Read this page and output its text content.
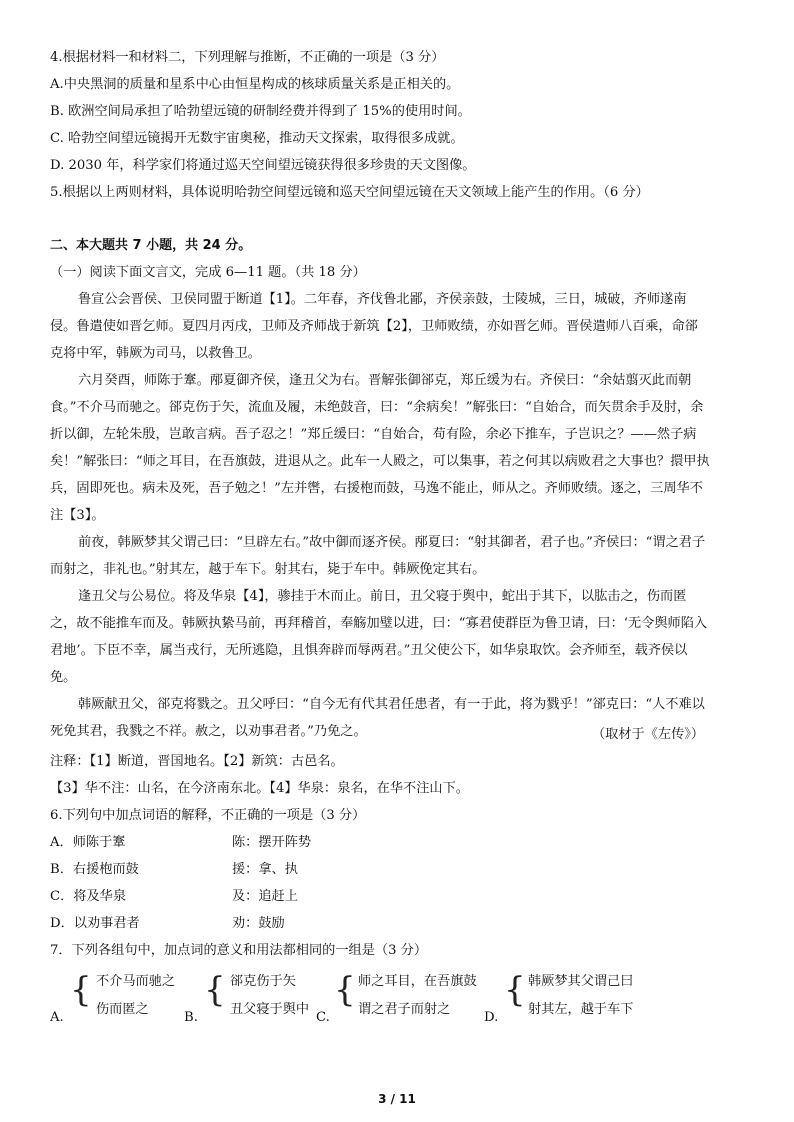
4.根据材料一和材料二，下列理解与推断，不正确的一项是（3 分）
A.中央黑洞的质量和星系中心由恒星构成的核球质量关系是正相关的。
B. 欧洲空间局承担了哈勃望远镜的研制经费并得到了 15%的使用时间。
C. 哈勃空间望远镜揭开无数宇宙奥秘，推动天文探索，取得很多成就。
D. 2030 年，科学家们将通过巡天空间望远镜获得很多珍贵的天文图像。
5.根据以上两则材料，具体说明哈勃空间望远镜和巡天空间望远镜在天文领域上能产生的作用。（6 分）
二、本大题共 7 小题，共 24 分。
（一）阅读下面文言文，完成 6—11 题。（共 18 分）
鲁宣公会晋侯、卫侯同盟于断道【1】。二年春，齐伐鲁北鄙，齐侯亲鼓，士陵城，三日，城破，齐师遂南
侵。鲁遣使如晋乞师。夏四月丙戌，卫师及齐师战于新筑【2】，卫师败绩，亦如晋乞师。晋侯遣师八百乘，命郤
克将中军，韩厥为司马，以救鲁卫。
六月癸酉，师陈于鞌。邴夏御齐侯，逢丑父为右。晋解张御郤克，郑丘缓为右。齐侯曰：“余姑翦灭此而朝
食。”不介马而驰之。郤克伤于矢，流血及履，未绝鼓音，曰：“余病矣！”解张曰：“自始合，而矢贯余手及肘，余
折以御，左轮朱殷，岂敢言病。吾子忍之！”郑丘缓曰：“自始合，苟有险，余必下推车，子岂识之？——然子病
矣！”解张曰：“师之耳目，在吾旗鼓，进退从之。此车一人殿之，可以集事，若之何其以病败君之大事也？擐甲执
兵，固即死也。病未及死，吾子勉之！”左并辔，右援枹而鼓，马逸不能止，师从之。齐师败绩。逐之，三周华不
注【3】。
前夜，韩厥梦其父谓己曰：“旦辟左右。”故中御而逐齐侯。邴夏曰：“射其御者，君子也。”齐侯曰：“谓之君子
而射之，非礼也。”射其左，越于车下。射其右，毙于车中。韩厥俛定其右。
逢丑父与公易位。将及华泉【4】，骖挂于木而止。前日，丑父寝于舆中，蛇出于其下，以肱击之，伤而匿
之，故不能推车而及。韩厥执絷马前，再拜稽首，奉觞加璧以进，曰：“寡君使群臣为鲁卫请，曰：‘无令舆师陷入
君地’。下臣不幸，属当戎行，无所逃隐，且惧奔辟而辱两君。”丑父使公下，如华泉取饮。会齐师至，载齐侯以
免。
韩厥献丑父，郤克将戮之。丑父呼曰：“自今无有代其君任患者，有一于此，将为戮乎！”郤克曰：“人不难以
死免其君，我戮之不祥。赦之，以劝事君者。”乃免之。	（取材于《左传》）
注释：【1】断道，晋国地名。【2】新筑：古邑名。
【3】华不注：山名，在今济南东北。【4】华泉：泉名，在华不注山下。
6.下列句中加点词语的解释，不正确的一项是（3 分）
A．师陈于鞌	陈：摆开阵势
B．右援枹而鼓	援：拿、执
C．将及华泉	及：追赶上
D．以劝事君者	劝：鼓励
7．下列各组句中，加点词的意义和用法都相同的一组是（3 分）
A.
{ 不介马而驰之
伤而匿之
B.
{ 郤克伤于矢
丑父寝于舆中
C.
{ 师之耳目，在吾旗鼓
谓之君子而射之
D.
{ 韩厥梦其父谓己曰
射其左，越于车下
3 / 11
